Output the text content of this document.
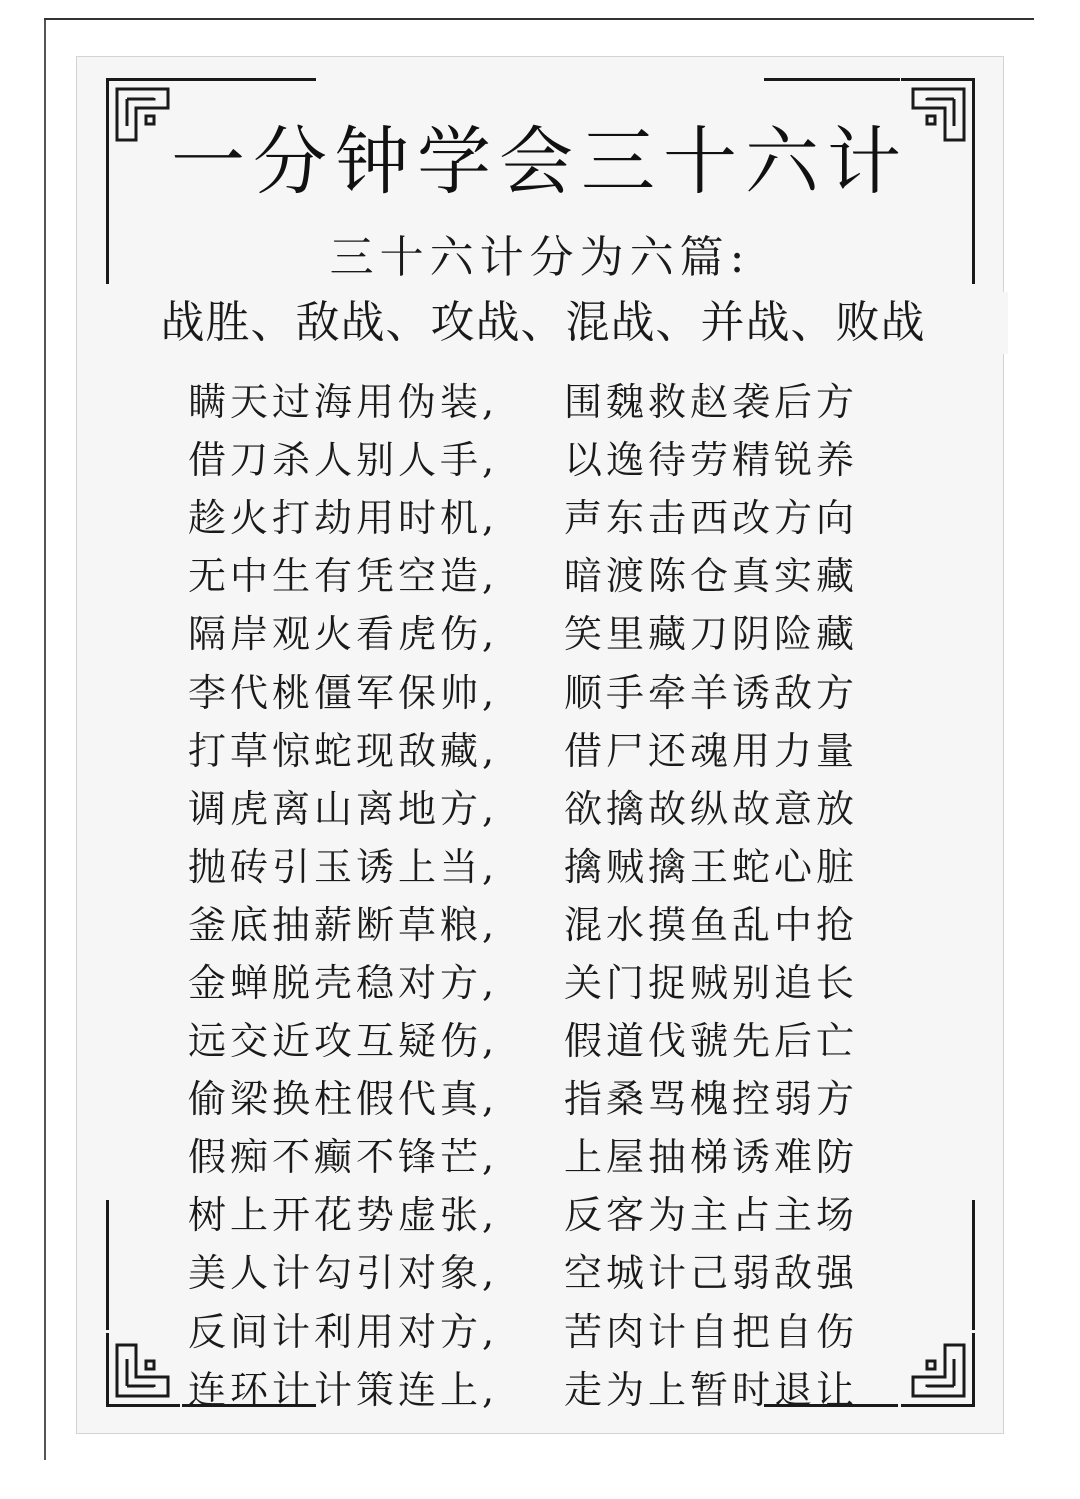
一分钟学会三十六计
三十六计分为六篇:
战胜、敌战、攻战、混战、并战、败战
瞒天过海用伪装,	围魏救赵袭后方
借刀杀人别人手,	以逸待劳精锐养
趁火打劫用时机,	声东击西改方向
无中生有凭空造,	暗渡陈仓真实藏
隔岸观火看虎伤,	笑里藏刀阴险藏
李代桃僵军保帅,	顺手牵羊诱敌方
打草惊蛇现敌藏,	借尸还魂用力量
调虎离山离地方,	欲擒故纵故意放
抛砖引玉诱上当,	擒贼擒王蛇心脏
釜底抽薪断草粮,	混水摸鱼乱中抢
金蝉脱壳稳对方,	关门捉贼别追长
远交近攻互疑伤,	假道伐虢先后亡
偷梁换柱假代真,	指桑骂槐控弱方
假痴不癫不锋芒,	上屋抽梯诱难防
树上开花势虚张,	反客为主占主场
美人计勾引对象,	空城计己弱敌强
反间计利用对方,	苦肉计自把自伤
连环计计策连上,	走为上暂时退让
